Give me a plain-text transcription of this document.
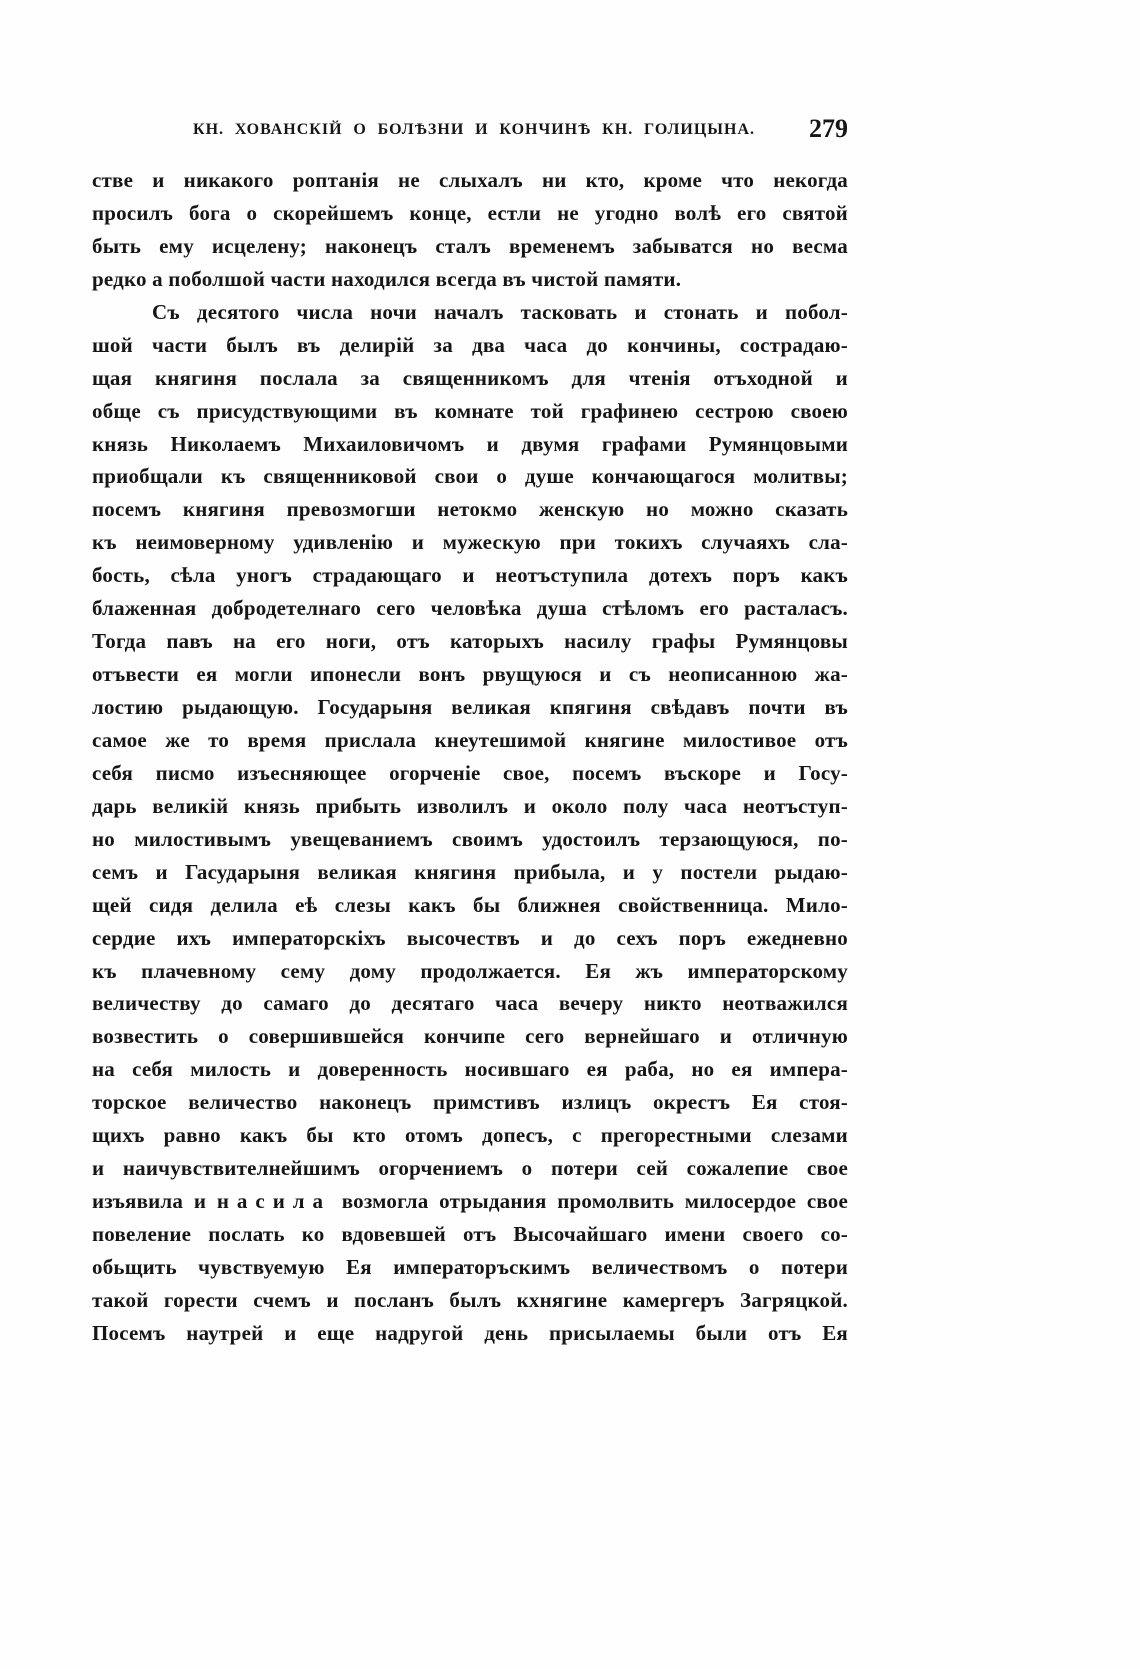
КН. ХОВАНСКІЙ О БОЛѢЗНИ И КОНЧИНѢ КН. ГОЛИЦЫНА.	279
стве и никакого роптанія не слыхалъ ни кто, кроме что некогда
просилъ бога о скорейшемъ конце, естли не угодно волѣ его святой
быть ему исцелену; наконецъ сталъ временемъ забыватся но весма
редко а поболшой части находился всегда въ чистой памяти.
Съ десятого числа ночи началъ тасковать и стонать и побол-
шой части былъ въ делирій за два часа до кончины, сострадаю-
щая княгиня послала за священникомъ для чтенія отъходной и
обще съ присудствующими въ комнате той графинею сестрою своею
князь Николаемъ Михаиловичомъ и двумя графами Румянцовыми
приобщали къ священниковой свои о душе кончающагося молитвы;
посемъ княгиня превозмогши нетокмо женскую но можно сказать
къ неимоверному удивленію и мужескую при токихъ случаяхъ сла-
бость, сѣла уногъ страдающаго и неотъступила дотехъ поръ какъ
блаженная добродетелнаго сего человѣка душа стѣломъ его расталасъ.
Тогда павъ на его ноги, отъ каторыхъ насилу графы Румянцовы
отъвести ея могли ипонесли вонъ рвущуюся и съ неописанною жа-
лостию рыдающую. Государыня великая кпягиня свѣдавъ почти въ
самое же то время прислала кнеутешимой княгине милостивое отъ
себя писмо изъесняющее огорченіе свое, посемъ въскоре и Госу-
дарь великій князь прибыть изволилъ и около полу часа неотъступ-
но милостивымъ увещеваниемъ своимъ удостоилъ терзающуюся, по-
семъ и Гасударыня великая княгиня прибыла, и у постели рыдаю-
щей сидя делила еѣ слезы какъ бы ближнея свойственница. Мило-
сердие ихъ императорскіхъ высочествъ и до сехъ поръ ежедневно
къ плачевному сему дому продолжается. Ея жъ императорскому
величеству до самаго до десятаго часа вечеру никто неотважился
возвестить о совершившейся кончипе сего вернейшаго и отличную
на себя милость и доверенность носившаго ея раба, но ея импера-
торское величество наконецъ примстивъ излицъ окрестъ Ея стоя-
щихъ равно какъ бы кто отомъ допесъ, с прегорестными слезами
и наичувствителнейшимъ огорчениемъ о потери сей сожалепие свое
изъявила и насила возмогла отрыдания промолвить милосердое свое
повеление послать ко вдовевшей отъ Высочайшаго имени своего со-
обьщить чувствуемую Ея императоръскимъ величествомъ о потери
такой горести счемъ и посланъ былъ кхнягине камергеръ Загряцкой.
Посемъ наутрей и еще надругой день присылаемы были отъ Ея
